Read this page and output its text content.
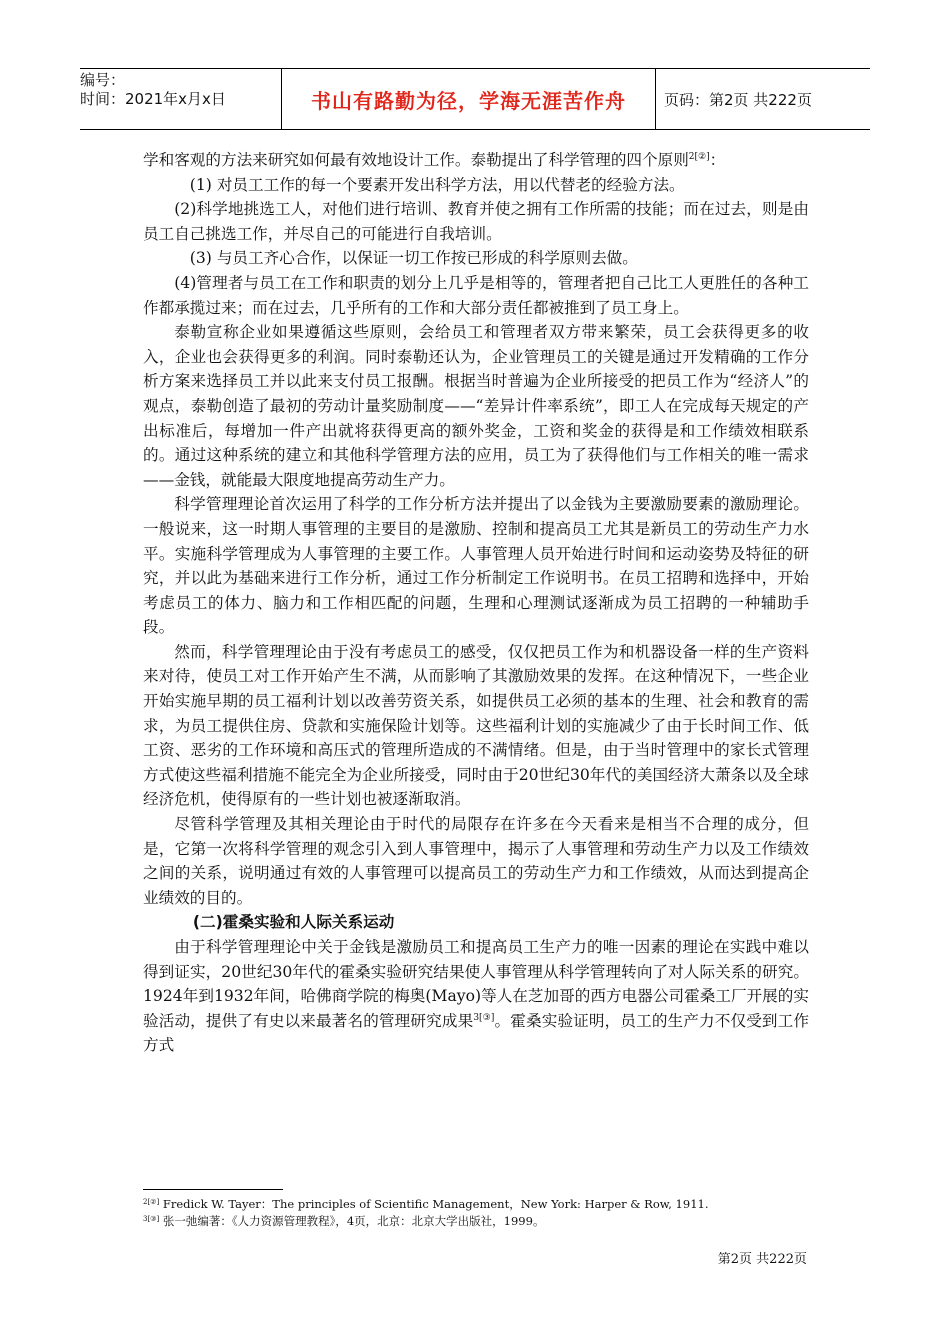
编号：
时间：2021年x月x日	书山有路勤为径，学海无涯苦作舟	页码：第2页 共222页

学和客观的方法来研究如何最有效地设计工作。泰勒提出了科学管理的四个原则$^{2[②]}$：

(1) 对员工工作的每一个要素开发出科学方法，用以代替老的经验方法。

(2)科学地挑选工人，对他们进行培训、教育并使之拥有工作所需的技能；而在过去，则是由员工自己挑选工作，并尽自己的可能进行自我培训。

(3) 与员工齐心合作，以保证一切工作按已形成的科学原则去做。

(4)管理者与员工在工作和职责的划分上几乎是相等的，管理者把自己比工人更胜任的各种工作都承揽过来；而在过去，几乎所有的工作和大部分责任都被推到了员工身上。

泰勒宣称企业如果遵循这些原则，会给员工和管理者双方带来繁荣，员工会获得更多的收入，企业也会获得更多的利润。同时泰勒还认为，企业管理员工的关键是通过开发精确的工作分析方案来选择员工并以此来支付员工报酬。根据当时普遍为企业所接受的把员工作为“经济人”的观点，泰勒创造了最初的劳动计量奖励制度——“差异计件率系统”，即工人在完成每天规定的产出标准后，每增加一件产出就将获得更高的额外奖金，工资和奖金的获得是和工作绩效相联系的。通过这种系统的建立和其他科学管理方法的应用，员工为了获得他们与工作相关的唯一需求——金钱，就能最大限度地提高劳动生产力。

科学管理理论首次运用了科学的工作分析方法并提出了以金钱为主要激励要素的激励理论。一般说来，这一时期人事管理的主要目的是激励、控制和提高员工尤其是新员工的劳动生产力水平。实施科学管理成为人事管理的主要工作。人事管理人员开始进行时间和运动姿势及特征的研究，并以此为基础来进行工作分析，通过工作分析制定工作说明书。在员工招聘和选择中，开始考虑员工的体力、脑力和工作相匹配的问题，生理和心理测试逐渐成为员工招聘的一种辅助手段。

然而，科学管理理论由于没有考虑员工的感受，仅仅把员工作为和机器设备一样的生产资料来对待，使员工对工作开始产生不满，从而影响了其激励效果的发挥。在这种情况下，一些企业开始实施早期的员工福利计划以改善劳资关系，如提供员工必须的基本的生理、社会和教育的需求，为员工提供住房、贷款和实施保险计划等。这些福利计划的实施减少了由于长时间工作、低工资、恶劣的工作环境和高压式的管理所造成的不满情绪。但是，由于当时管理中的家长式管理方式使这些福利措施不能完全为企业所接受，同时由于20世纪30年代的美国经济大萧条以及全球经济危机，使得原有的一些计划也被逐渐取消。

尽管科学管理及其相关理论由于时代的局限存在许多在今天看来是相当不合理的成分，但是，它第一次将科学管理的观念引入到人事管理中，揭示了人事管理和劳动生产力以及工作绩效之间的关系，说明通过有效的人事管理可以提高员工的劳动生产力和工作绩效，从而达到提高企业绩效的目的。

(二)霍桑实验和人际关系运动

由于科学管理理论中关于金钱是激励员工和提高员工生产力的唯一因素的理论在实践中难以得到证实，20世纪30年代的霍桑实验研究结果使人事管理从科学管理转向了对人际关系的研究。1924年到1932年间，哈佛商学院的梅奥(Mayo)等人在芝加哥的西方电器公司霍桑工厂开展的实验活动，提供了有史以来最著名的管理研究成果$^{3[③]}$。霍桑实验证明，员工的生产力不仅受到工作方式

$^{2[②]}$ Fredick W. Tayer：The principles of Scientific Management，New York: Harper & Row, 1911.
$^{3[③]}$ 张一弛编著：《人力资源管理教程》，4页，北京：北京大学出版社，1999。
第2页 共222页
